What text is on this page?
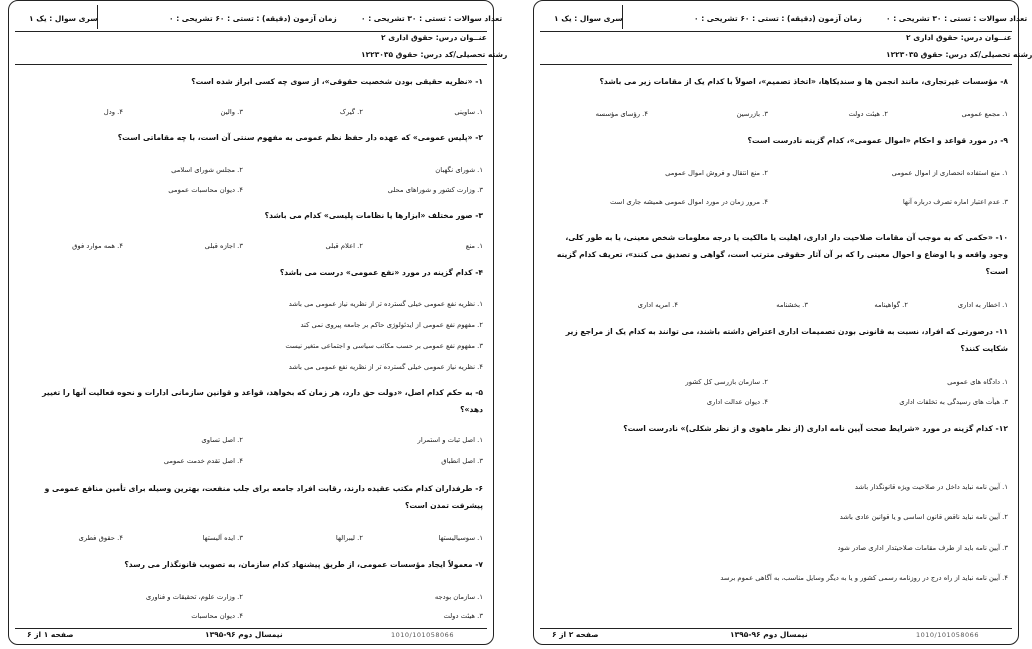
سری سوال : یک ۱	زمان آزمون (دقیقه) : تستی : ۶۰ تشریحی : ۰	تعداد سوالات : تستی : ۳۰ تشریحی : ۰
عنــوان درس: حقوق اداری ۲
رشته تحصیلی/کد درس: حقوق ۱۲۲۳۰۳۵
۱- «نظریه حقیقی بودن شخصیت حقوقی»، از سوی چه کسی ابراز شده است؟
۱. ساوینی
۲. گیرک
۳. والین
۴. ودل
۲- «پلیس عمومی» که عهده دار حفظ نظم عمومی به مفهوم سنتی آن است، با چه مقاماتی است؟
۱. شورای نگهبان
۲. مجلس شورای اسلامی
۳. وزارت کشور و شوراهای محلی
۴. دیوان محاسبات عمومی
۳- صور مختلف «ابزارها یا نظامات پلیسی» کدام می باشد؟
۱. منع
۲. اعلام قبلی
۳. اجازه قبلی
۴. همه موارد فوق
۴- کدام گزینه در مورد «نفع عمومی» درست می باشد؟
۱. نظریه نفع عمومی خیلی گسترده تر از نظریه نیاز عمومی می باشد
۲. مفهوم نفع عمومی از ایدئولوژی حاکم بر جامعه پیروی نمی کند
۳. مفهوم نفع عمومی بر حسب مکاتب سیاسی و اجتماعی متغیر نیست
۴. نظریه نیاز عمومی خیلی گسترده تر از نظریه نفع عمومی می باشد
۵- به حکم کدام اصل، «دولت حق دارد، هر زمان که بخواهد، قواعد و قوانین سازمانی ادارات و نحوه فعالیت آنها را تغییر دهد»؟
۱. اصل ثبات و استمرار
۲. اصل تساوی
۳. اصل انطباق
۴. اصل تقدم خدمت عمومی
۶- طرفداران کدام مکتب عقیده دارند، رقابت افراد جامعه برای جلب منفعت، بهترین وسیله برای تأمین منافع عمومی و پیشرفت تمدن است؟
۱. سوسیالیستها
۲. لیبرالها
۳. ایده آلیستها
۴. حقوق فطری
۷- معمولاً ایجاد مؤسسات عمومی، از طریق پیشنهاد کدام سازمان، به تصویب قانونگذار می رسد؟
۱. سازمان بودجه
۲. وزارت علوم، تحقیقات و فناوری
۳. هیئت دولت
۴. دیوان محاسبات
صفحه ۱ از ۶	نیمسال دوم ۹۶-۱۳۹۵	1010/101058066
سری سوال : یک ۱	زمان آزمون (دقیقه) : تستی : ۶۰ تشریحی : ۰	تعداد سوالات : تستی : ۳۰ تشریحی : ۰
عنــوان درس: حقوق اداری ۲
رشته تحصیلی/کد درس: حقوق ۱۲۲۳۰۳۵
۸- مؤسسات غیرتجاری، مانند انجمن ها و سندیکاها، «اتخاذ تصمیم»، اصولاً با کدام یک از مقامات زیر می باشد؟
۱. مجمع عمومی
۲. هیئت دولت
۳. بازرسین
۴. رؤسای مؤسسه
۹- در مورد قواعد و احکام «اموال عمومی»، کدام گزینه نادرست است؟
۱. منع استفاده انحصاری از اموال عمومی
۲. منع انتقال و فروش اموال عمومی
۳. عدم اعتبار اماره تصرف درباره آنها
۴. مرور زمان در مورد اموال عمومی همیشه جاری است
۱۰- «حکمی که به موجب آن مقامات صلاحیت دار اداری، اهلیت یا مالکیت یا درجه معلومات شخص معینی، یا به طور کلی، وجود واقعه و یا اوضاع و احوال معینی را که بر آن آثار حقوقی مترتب است، گواهی و تصدیق می کنند»، تعریف کدام گزینه است؟
۱. اخطار به اداری
۲. گواهینامه
۳. بخشنامه
۴. امریه اداری
۱۱- درصورتی که افراد، نسبت به قانونی بودن تصمیمات اداری اعتراض داشته باشند، می توانند به کدام یک از مراجع زیر شکایت کنند؟
۱. دادگاه های عمومی
۲. سازمان بازرسی کل کشور
۳. هیأت های رسیدگی به تخلفات اداری
۴. دیوان عدالت اداری
۱۲- کدام گزینه در مورد «شرایط صحت آیین نامه اداری (از نظر ماهوی و از نظر شکلی)» نادرست است؟
۱. آیین نامه نباید داخل در صلاحیت ویژه قانونگذار باشد
۲. آیین نامه نباید ناقض قانون اساسی و یا قوانین عادی باشد
۳. آیین نامه باید از طرف مقامات صلاحیتدار اداری صادر شود
۴. آیین نامه نباید از راه درج در روزنامه رسمی کشور و یا به دیگر وسایل مناسب، به آگاهی عموم برسد
صفحه ۲ از ۶	نیمسال دوم ۹۶-۱۳۹۵	1010/101058066
